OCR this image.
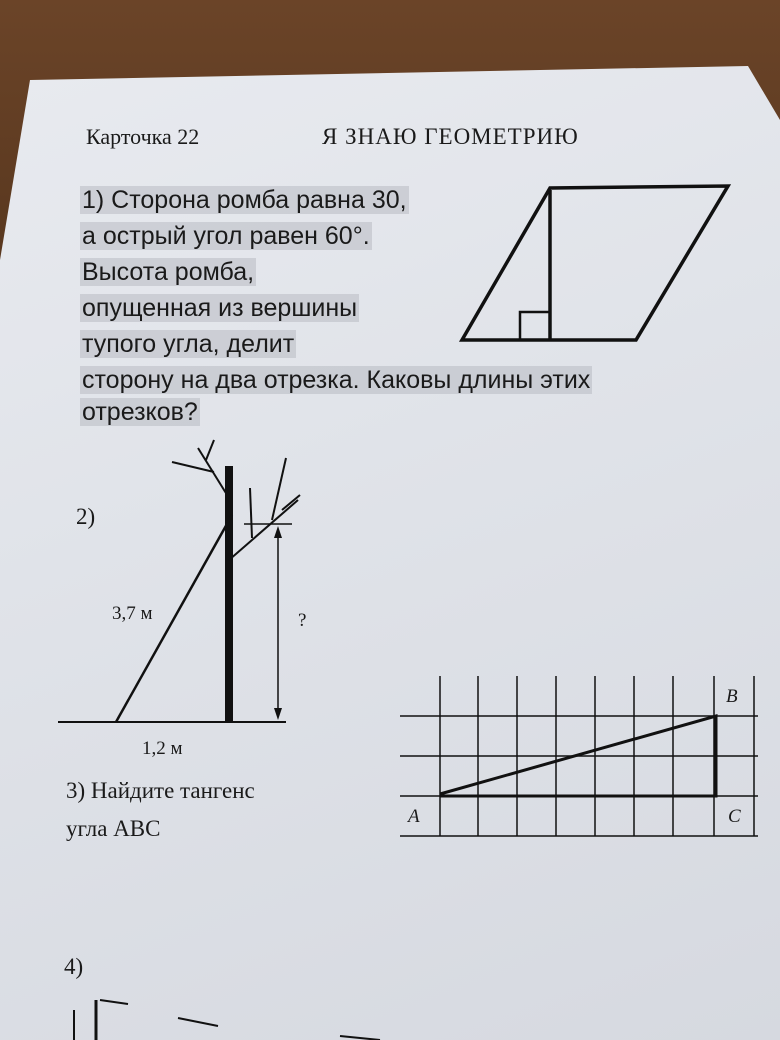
Карточка 22	Я ЗНАЮ ГЕОМЕТРИЮ
1) Сторона ромба равна 30,
а острый угол равен 60°.
Высота ромба,
опущенная из вершины
тупого угла, делит
сторону на два отрезка. Каковы длины этих
отрезков?
2)
3,7 м
1,2 м
?
3) Найдите тангенс
угла АВС	A
B
C
4)
